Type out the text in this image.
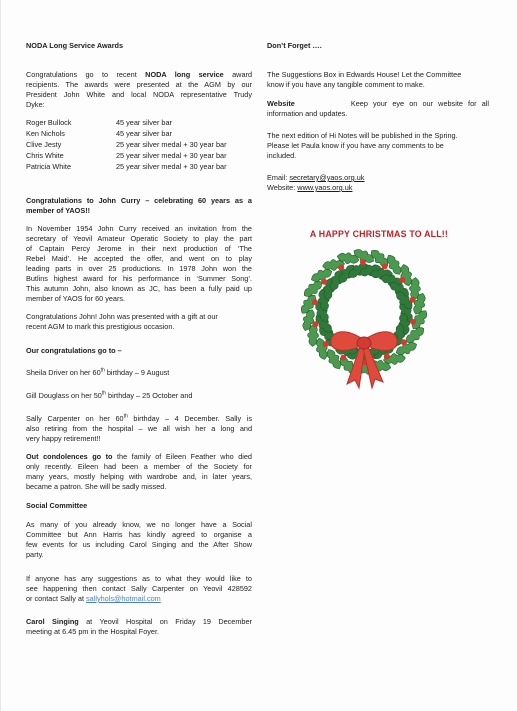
NODA Long Service Awards
Congratulations go to recent NODA long service award
recipients. The awards were presented at the AGM by our
President John White and local NODA representative Trudy
Dyke:
Roger Bullock	45 year silver bar
Ken Nichols	45 year silver bar
Clive Jesty	25 year silver medal + 30 year bar
Chris White	25 year silver medal + 30 year bar
Patricia White	25 year silver medal + 30 year bar
Congratulations to John Curry – celebrating 60 years as a
member of YAOS!!
In November 1954 John Curry received an invitation from the
secretary of Yeovil Amateur Operatic Society to play the part
of Captain Percy Jerome in their next production of ‘The
Rebel Maid’. He accepted the offer, and went on to play
leading parts in over 25 productions. In 1978 John won the
Butlins highest award for his performance in ‘Summer Song’.
This autumn John, also known as JC, has been a fully paid up
member of YAOS for 60 years.
Congratulations John! John was presented with a gift at our
recent AGM to mark this prestigious occasion.
Our congratulations go to –
Sheila Driver on her 60th birthday – 9 August
Gill Douglass on her 50th birthday – 25 October and
Sally Carpenter on her 60th birthday – 4 December. Sally is
also retiring from the hospital – we all wish her a long and
very happy retirement!!
Out condolences go to the family of Eileen Feather who died
only recently. Eileen had been a member of the Society for
many years, mostly helping with wardrobe and, in later years,
became a patron. She will be sadly missed.
Social Committee
As many of you already know, we no longer have a Social
Committee but Ann Harris has kindly agreed to organise a
few events for us including Carol Singing and the After Show
party.
If anyone has any suggestions as to what they would like to
see happening then contact Sally Carpenter on Yeovil 428592
or contact Sally at sallyhols@hotmail.com
Carol Singing at Yeovil Hospital on Friday 19 December
meeting at 6.45 pm in the Hospital Foyer.
Don’t Forget ….
The Suggestions Box in Edwards House! Let the Committee
know if you have any tangible comment to make.
Website	Keep your eye on our website for all
information and updates.
The next edition of Hi Notes will be published in the Spring.
Please let Paula know if you have any comments to be
included.
Email: secretary@yaos.org.uk
Website: www.yaos.org.uk
A HAPPY CHRISTMAS TO ALL!!
